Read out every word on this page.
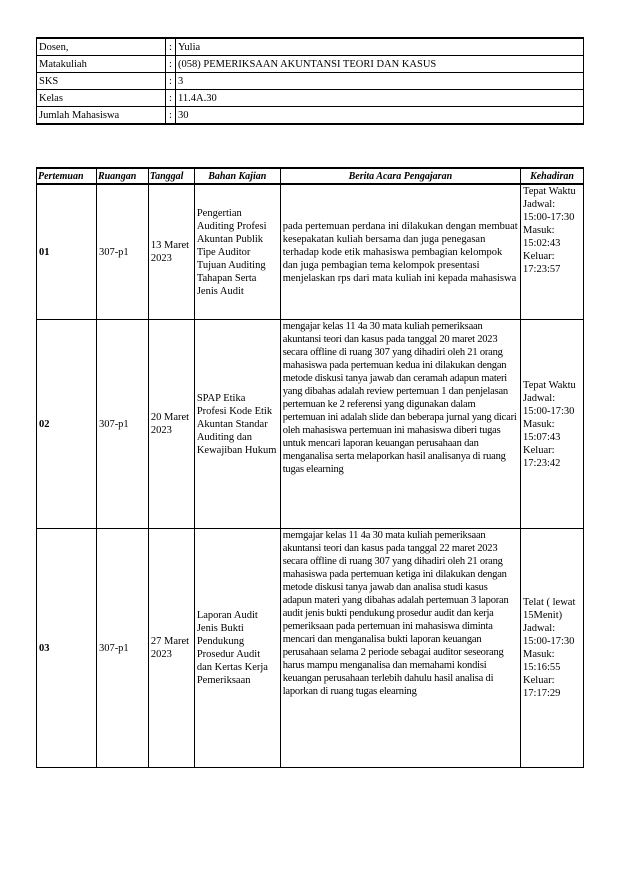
Dosen,	:	Yulia
Matakuliah	:	(058) PEMERIKSAAN AKUNTANSI TEORI DAN KASUS
SKS	:	3
Kelas	:	11.4A.30
Jumlah Mahasiswa	:	30
Pertemuan	Ruangan	Tanggal	Bahan Kajian	Berita Acara Pengajaran	Kehadiran
01	307-p1	13 Maret 2023	Pengertian Auditing Profesi Akuntan Publik Tipe Auditor Tujuan Auditing Tahapan Serta Jenis Audit	pada pertemuan perdana ini dilakukan dengan membuat kesepakatan kuliah bersama dan juga penegasan terhadap kode etik mahasiswa pembagian kelompok dan juga pembagian tema kelompok presentasi menjelaskan rps dari mata kuliah ini kepada mahasiswa	Tepat Waktu Jadwal: 15:00-17:30 Masuk: 15:02:43 Keluar: 17:23:57
02	307-p1	20 Maret 2023	SPAP Etika Profesi Kode Etik Akuntan Standar Auditing dan Kewajiban Hukum	mengajar kelas 11 4a 30 mata kuliah pemeriksaan akuntansi teori dan kasus pada tanggal 20 maret 2023 secara offline di ruang 307 yang dihadiri oleh 21 orang mahasiswa pada pertemuan kedua ini dilakukan dengan metode diskusi tanya jawab dan ceramah adapun materi yang dibahas adalah review pertemuan 1 dan penjelasan pertemuan ke 2 referensi yang digunakan dalam pertemuan ini adalah slide dan beberapa jurnal yang dicari oleh mahasiswa pertemuan ini mahasiswa diberi tugas untuk mencari laporan keuangan perusahaan dan menganalisa serta melaporkan hasil analisanya di ruang tugas elearning	Tepat Waktu Jadwal: 15:00-17:30 Masuk: 15:07:43 Keluar: 17:23:42
03	307-p1	27 Maret 2023	Laporan Audit Jenis Bukti Pendukung Prosedur Audit dan Kertas Kerja Pemeriksaan	memgajar kelas 11 4a 30 mata kuliah pemeriksaan akuntansi teori dan kasus pada tanggal 22 maret 2023 secara offline di ruang 307 yang dihadiri oleh 21 orang mahasiswa pada pertemuan ketiga ini dilakukan dengan metode diskusi tanya jawab dan analisa studi kasus adapun materi yang dibahas adalah pertemuan 3 laporan audit jenis bukti pendukung prosedur audit dan kerja pemeriksaan pada pertemuan ini mahasiswa diminta mencari dan menganalisa bukti laporan keuangan perusahaan selama 2 periode sebagai auditor seseorang harus mampu menganalisa dan memahami kondisi keuangan perusahaan terlebih dahulu hasil analisa di laporkan di ruang tugas elearning	Telat ( lewat 15Menit) Jadwal: 15:00-17:30 Masuk: 15:16:55 Keluar: 17:17:29
